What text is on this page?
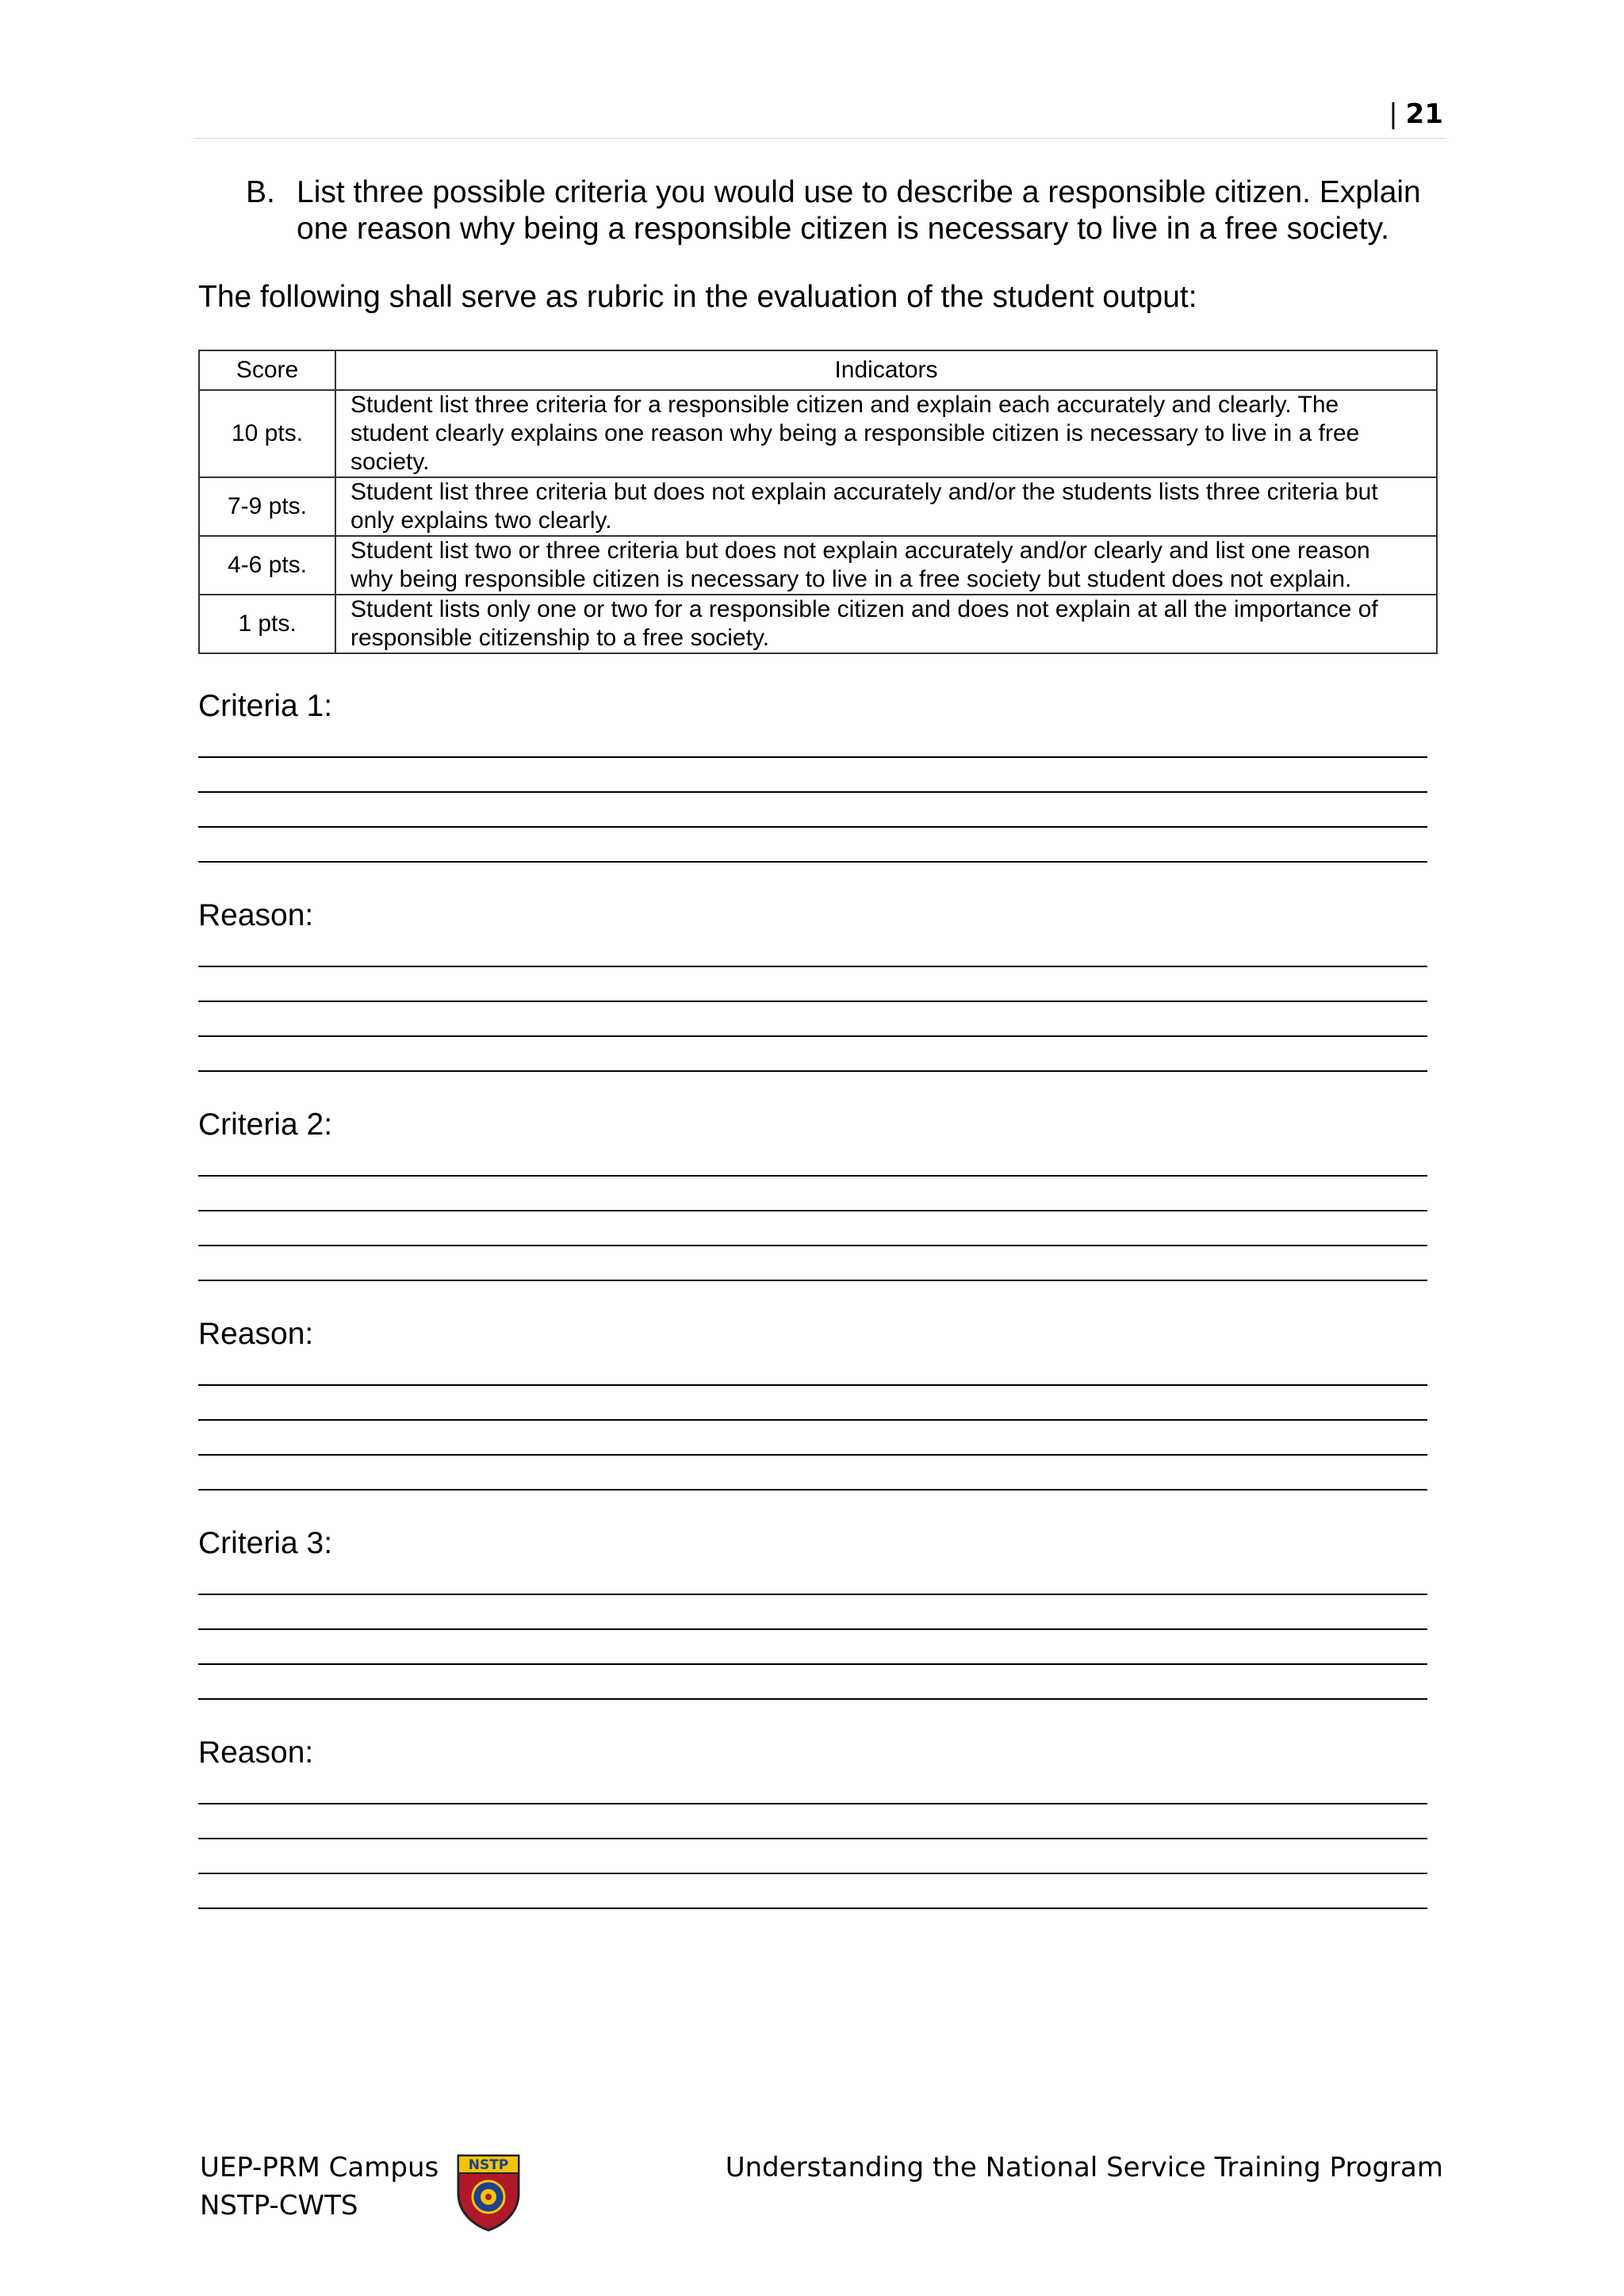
| 21
B. List three possible criteria you would use to describe a responsible citizen. Explain
one reason why being a responsible citizen is necessary to live in a free society.
The following shall serve as rubric in the evaluation of the student output:
Score	Indicators
10 pts.	Student list three criteria for a responsible citizen and explain each accurately and clearly. The
student clearly explains one reason why being a responsible citizen is necessary to live in a free
society.

7-9 pts.	Student list three criteria but does not explain accurately and/or the students lists three criteria but
only explains two clearly.

4-6 pts.	Student list two or three criteria but does not explain accurately and/or clearly and list one reason
why being responsible citizen is necessary to live in a free society but student does not explain.

1 pts.	Student lists only one or two for a responsible citizen and does not explain at all the importance of
responsible citizenship to a free society.
Criteria 1:
Reason:
Criteria 2:
Reason:
Criteria 3:
Reason:
UEP-PRM Campus
NSTP-CWTS
NSTP	Understanding the National Service Training Program
